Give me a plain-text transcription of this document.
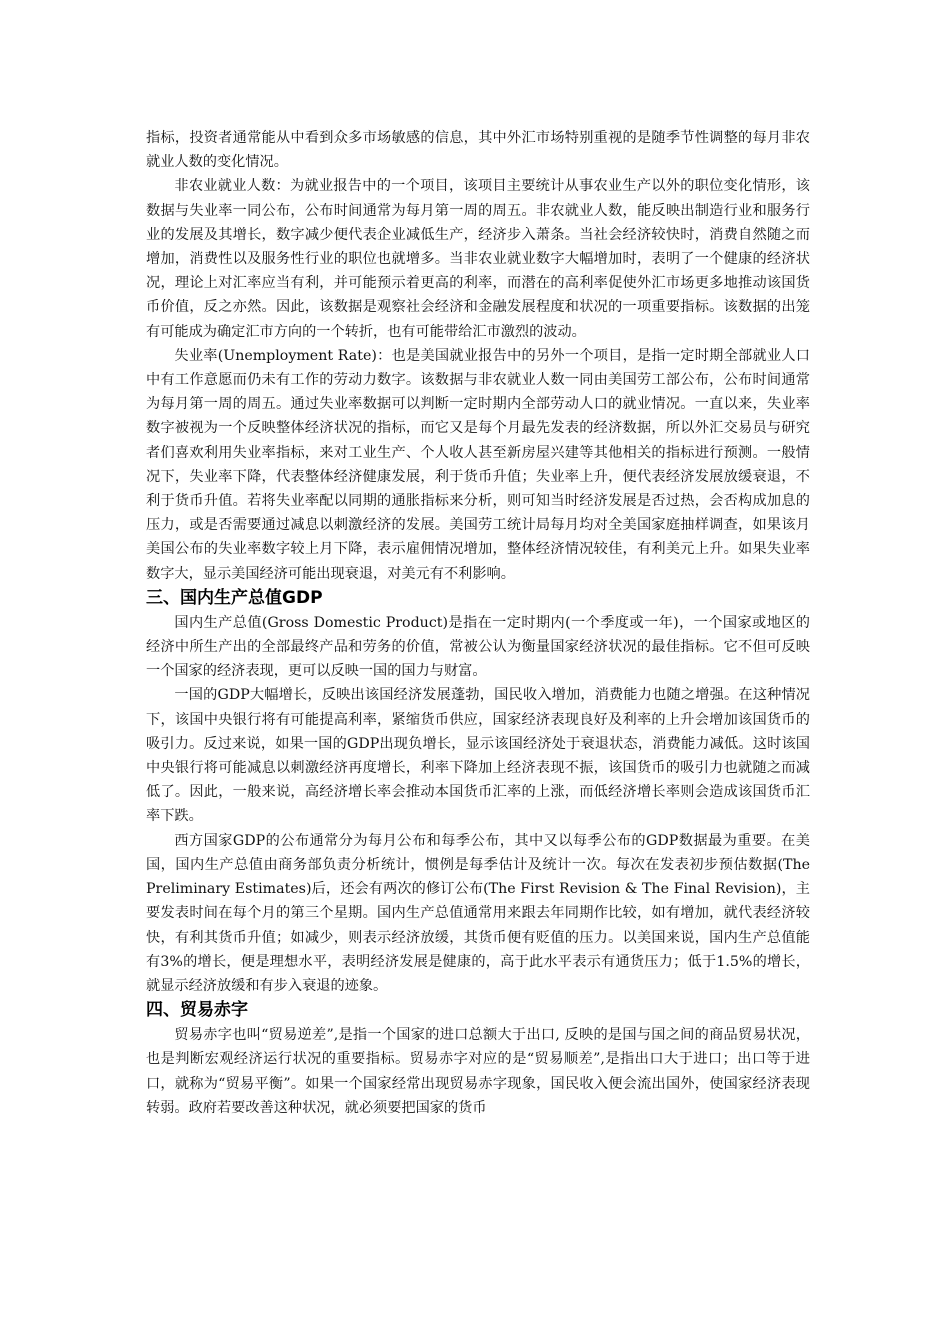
指标，投资者通常能从中看到众多市场敏感的信息，其中外汇市场特别重视的是随季节性调整的每月非农就业人数的变化情况。

非农业就业人数：为就业报告中的一个项目，该项目主要统计从事农业生产以外的职位变化情形，该数据与失业率一同公布，公布时间通常为每月第一周的周五。非农就业人数，能反映出制造行业和服务行业的发展及其增长，数字减少便代表企业减低生产，经济步入萧条。当社会经济较快时，消费自然随之而增加，消费性以及服务性行业的职位也就增多。当非农业就业数字大幅增加时，表明了一个健康的经济状况，理论上对汇率应当有利，并可能预示着更高的利率，而潜在的高利率促使外汇市场更多地推动该国货币价值，反之亦然。因此，该数据是观察社会经济和金融发展程度和状况的一项重要指标。该数据的出笼有可能成为确定汇市方向的一个转折，也有可能带给汇市激烈的波动。

失业率(Unemployment Rate)：也是美国就业报告中的另外一个项目，是指一定时期全部就业人口中有工作意愿而仍未有工作的劳动力数字。该数据与非农就业人数一同由美国劳工部公布，公布时间通常为每月第一周的周五。通过失业率数据可以判断一定时期内全部劳动人口的就业情况。一直以来，失业率数字被视为一个反映整体经济状况的指标，而它又是每个月最先发表的经济数据，所以外汇交易员与研究者们喜欢利用失业率指标，来对工业生产、个人收人甚至新房屋兴建等其他相关的指标进行预测。一般情况下，失业率下降，代表整体经济健康发展，利于货币升值；失业率上升，便代表经济发展放缓衰退，不利于货币升值。若将失业率配以同期的通胀指标来分析，则可知当时经济发展是否过热，会否构成加息的压力，或是否需要通过减息以刺激经济的发展。美国劳工统计局每月均对全美国家庭抽样调查，如果该月美国公布的失业率数字较上月下降，表示雇佣情况增加，整体经济情况较佳，有利美元上升。如果失业率数字大，显示美国经济可能出现衰退，对美元有不利影响。

三、国内生产总值GDP

国内生产总值(Gross Domestic Product)是指在一定时期内(一个季度或一年)，一个国家或地区的经济中所生产出的全部最终产品和劳务的价值，常被公认为衡量国家经济状况的最佳指标。它不但可反映一个国家的经济表现，更可以反映一国的国力与财富。

一国的GDP大幅增长，反映出该国经济发展蓬勃，国民收入增加，消费能力也随之增强。在这种情况下，该国中央银行将有可能提高利率，紧缩货币供应，国家经济表现良好及利率的上升会增加该国货币的吸引力。反过来说，如果一国的GDP出现负增长，显示该国经济处于衰退状态，消费能力减低。这时该国中央银行将可能减息以刺激经济再度增长，利率下降加上经济表现不振，该国货币的吸引力也就随之而减低了。因此，一般来说，高经济增长率会推动本国货币汇率的上涨，而低经济增长率则会造成该国货币汇率下跌。

西方国家GDP的公布通常分为每月公布和每季公布，其中又以每季公布的GDP数据最为重要。在美国，国内生产总值由商务部负责分析统计，惯例是每季估计及统计一次。每次在发表初步预估数据(The Preliminary Estimates)后，还会有两次的修订公布(The First Revision & The Final Revision)，主要发表时间在每个月的第三个星期。国内生产总值通常用来跟去年同期作比较，如有增加，就代表经济较快，有利其货币升值；如减少，则表示经济放缓，其货币便有贬值的压力。以美国来说，国内生产总值能有3%的增长，便是理想水平，表明经济发展是健康的，高于此水平表示有通货压力；低于1.5%的增长，就显示经济放缓和有步入衰退的迹象。

四、贸易赤字

贸易赤字也叫“贸易逆差”,是指一个国家的进口总额大于出口, 反映的是国与国之间的商品贸易状况，也是判断宏观经济运行状况的重要指标。贸易赤字对应的是“贸易顺差”,是指出口大于进口；出口等于进口，就称为“贸易平衡”。如果一个国家经常出现贸易赤字现象，国民收入便会流出国外，使国家经济表现转弱。政府若要改善这种状况，就必须要把国家的货币
